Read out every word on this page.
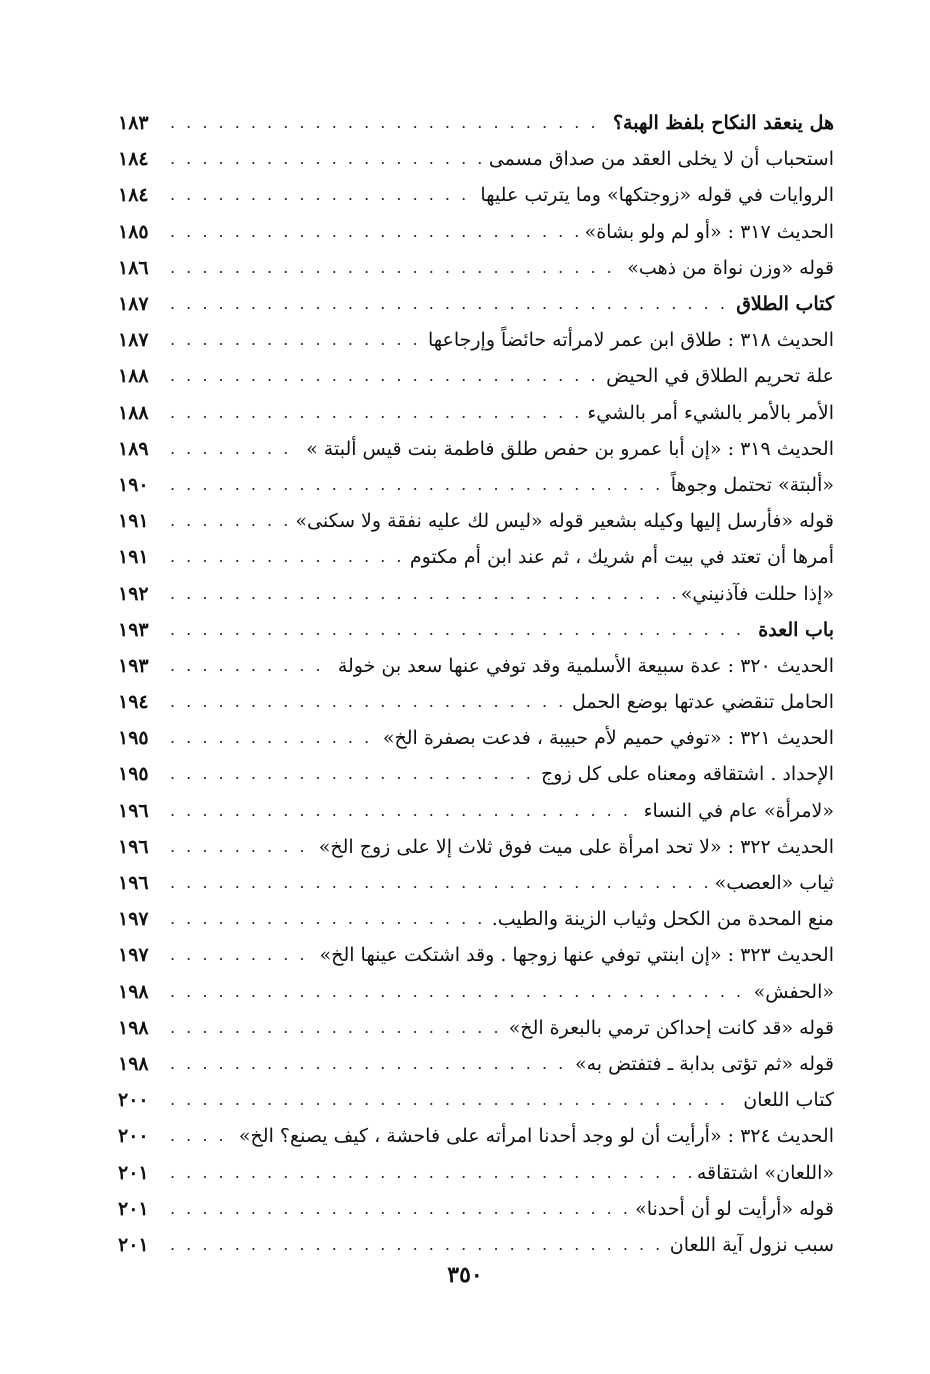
هل ينعقد النكاح بلفظ الهبة؟
. . .
١٨٣
استحباب أن لا يخلى العقد من صداق مسمى
. . .
١٨٤
الروايات في قوله «زوجتكها» وما يترتب عليها
. . .
١٨٤
الحديث ٣١٧ : «أو لم ولو بشاة»
. . .
١٨٥
قوله «وزن نواة من ذهب»
. . .
١٨٦
كتاب الطلاق
. . .
١٨٧
الحديث ٣١٨ : طلاق ابن عمر لامرأته حائضاً وإرجاعها
. . .
١٨٧
علة تحريم الطلاق في الحيض
. . .
١٨٨
الأمر بالأمر بالشيء أمر بالشيء
. . .
١٨٨
الحديث ٣١٩ : «إن أبا عمرو بن حفص طلق فاطمة بنت قيس ألبتة »
. . .
١٨٩
«ألبتة» تحتمل وجوهاً
. . .
١٩٠
قوله «فأرسل إليها وكيله بشعير قوله «ليس لك عليه نفقة ولا سكنى»
. . .
١٩١
أمرها أن تعتد في بيت أم شريك ، ثم عند ابن أم مكتوم
. . .
١٩١
«إذا حللت فآذنيني»
. . .
١٩٢
باب العدة
. . .
١٩٣
الحديث ٣٢٠ : عدة سبيعة الأسلمية وقد توفي عنها سعد بن خولة
. . .
١٩٣
الحامل تنقضي عدتها بوضع الحمل
. . .
١٩٤
الحديث ٣٢١ : «توفي حميم لأم حبيبة ، فدعت بصفرة الخ»
. . .
١٩٥
الإحداد . اشتقاقه ومعناه على كل زوج
. . .
١٩٥
«لامرأة» عام في النساء
. . .
١٩٦
الحديث ٣٢٢ : «لا تحد امرأة على ميت فوق ثلاث إلا على زوج الخ»
. . .
١٩٦
ثياب «العصب»
. . .
١٩٦
منع المحدة من الكحل وثياب الزينة والطيب.
. . .
١٩٧
الحديث ٣٢٣ : «إن ابنتي توفي عنها زوجها . وقد اشتكت عينها الخ»
. . .
١٩٧
«الحفش»
. . .
١٩٨
قوله «قد كانت إحداكن ترمي بالبعرة الخ»
. . .
١٩٨
قوله «ثم تؤتى بدابة ـ فتفتض به»
. . .
١٩٨
كتاب اللعان
. . .
٢٠٠
الحديث ٣٢٤ : «أرأيت أن لو وجد أحدنا امرأته على فاحشة ، كيف يصنع؟ الخ»
. . .
٢٠٠
«اللعان» اشتقاقه
. . .
٢٠١
قوله «أرأيت لو أن أحدنا»
. . .
٢٠١
سبب نزول آية اللعان
. . .
٢٠١
٣٥٠
